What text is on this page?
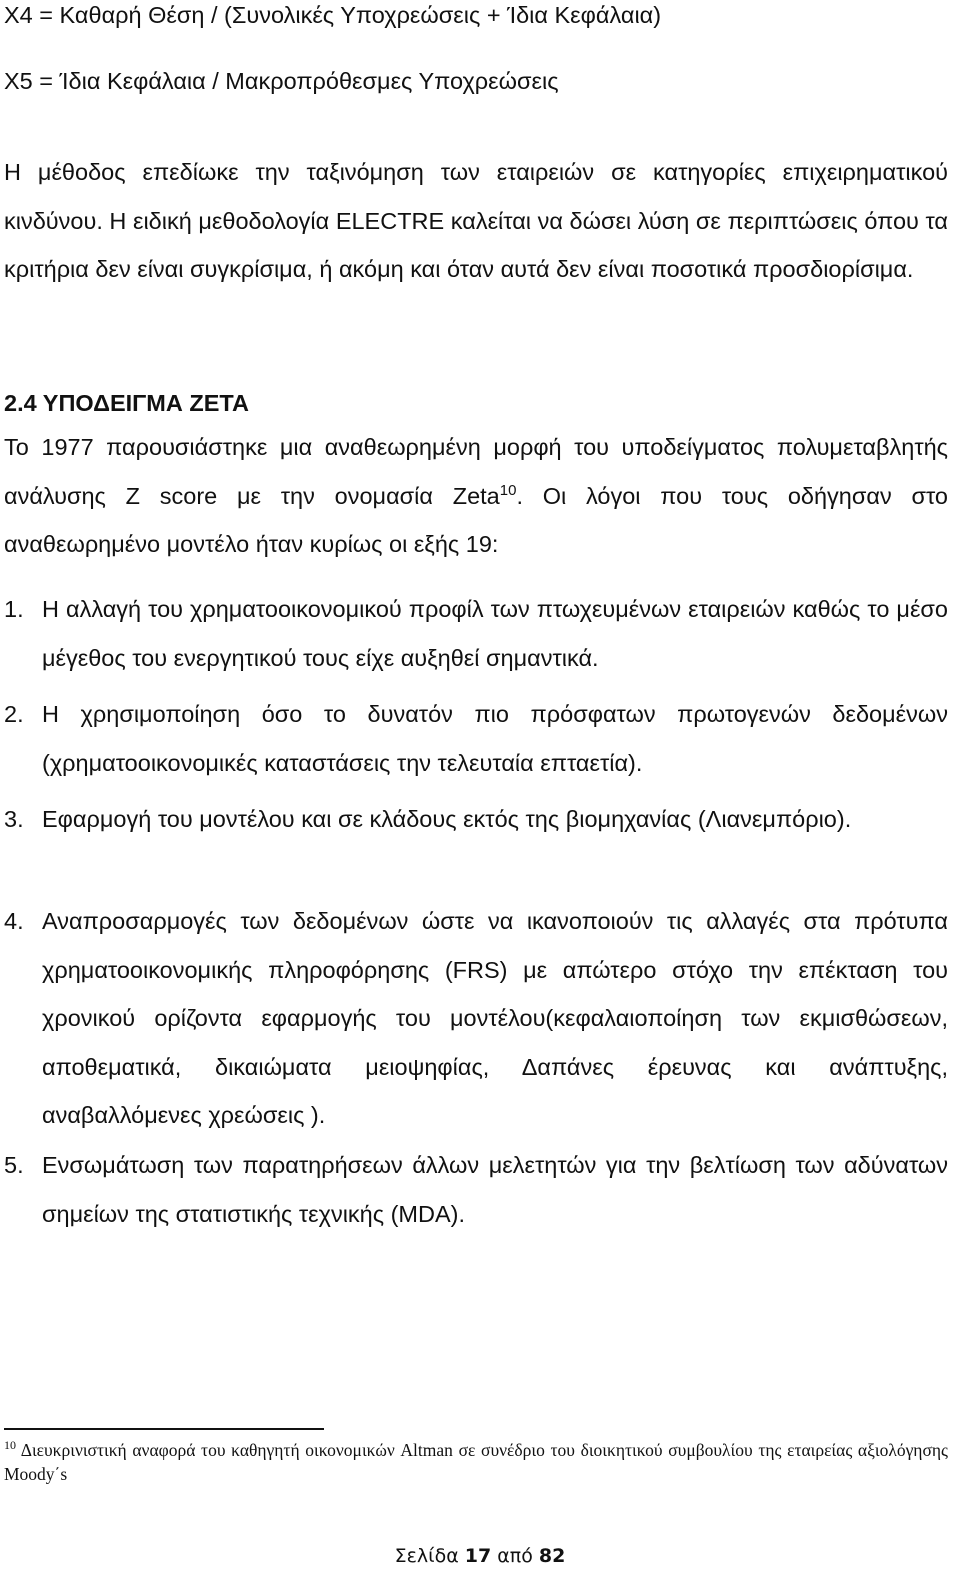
X4 = Καθαρή Θέση / (Συνολικές Υποχρεώσεις + Ίδια Κεφάλαια)
X5 = Ίδια Κεφάλαια / Μακροπρόθεσμες Υποχρεώσεις
Η μέθοδος επεδίωκε την ταξινόμηση των εταιρειών σε κατηγορίες επιχειρηματικού κινδύνου. Η ειδική μεθοδολογία ELECTRE καλείται να δώσει λύση σε περιπτώσεις όπου τα κριτήρια δεν είναι συγκρίσιμα, ή ακόμη και όταν αυτά δεν είναι ποσοτικά προσδιορίσιμα.
2.4 ΥΠΟΔΕΙΓΜΑ ΖΕΤΑ
Το 1977 παρουσιάστηκε μια αναθεωρημένη μορφή του υποδείγματος πολυμεταβλητής ανάλυσης Z score με την ονομασία Zeta$^{10}$. Οι λόγοι που τους οδήγησαν στο αναθεωρημένο μοντέλο ήταν κυρίως οι εξής 19:
1. Η αλλαγή του χρηματοοικονομικού προφίλ των πτωχευμένων εταιρειών καθώς το μέσο μέγεθος του ενεργητικού τους είχε αυξηθεί σημαντικά.
2. Η χρησιμοποίηση όσο το δυνατόν πιο πρόσφατων πρωτογενών δεδομένων (χρηματοοικονομικές καταστάσεις την τελευταία επταετία).
3. Εφαρμογή του μοντέλου και σε κλάδους εκτός της βιομηχανίας (Λιανεμπόριο).
4. Αναπροσαρμογές των δεδομένων ώστε να ικανοποιούν τις αλλαγές στα πρότυπα χρηματοοικονομικής πληροφόρησης (FRS) με απώτερο στόχο την επέκταση του χρονικού ορίζοντα εφαρμογής του μοντέλου(κεφαλαιοποίηση των εκμισθώσεων, αποθεματικά, δικαιώματα μειοψηφίας, Δαπάνες έρευνας και ανάπτυξης, αναβαλλόμενες χρεώσεις ).
5. Ενσωμάτωση των παρατηρήσεων άλλων μελετητών για την βελτίωση των αδύνατων σημείων της στατιστικής τεχνικής (MDA).
$^{10}$ Διευκρινιστική αναφορά του καθηγητή οικονομικών Altman σε συνέδριο του διοικητικού συμβουλίου της εταιρείας αξιολόγησης Moody΄s
Σελίδα 17 από 82
